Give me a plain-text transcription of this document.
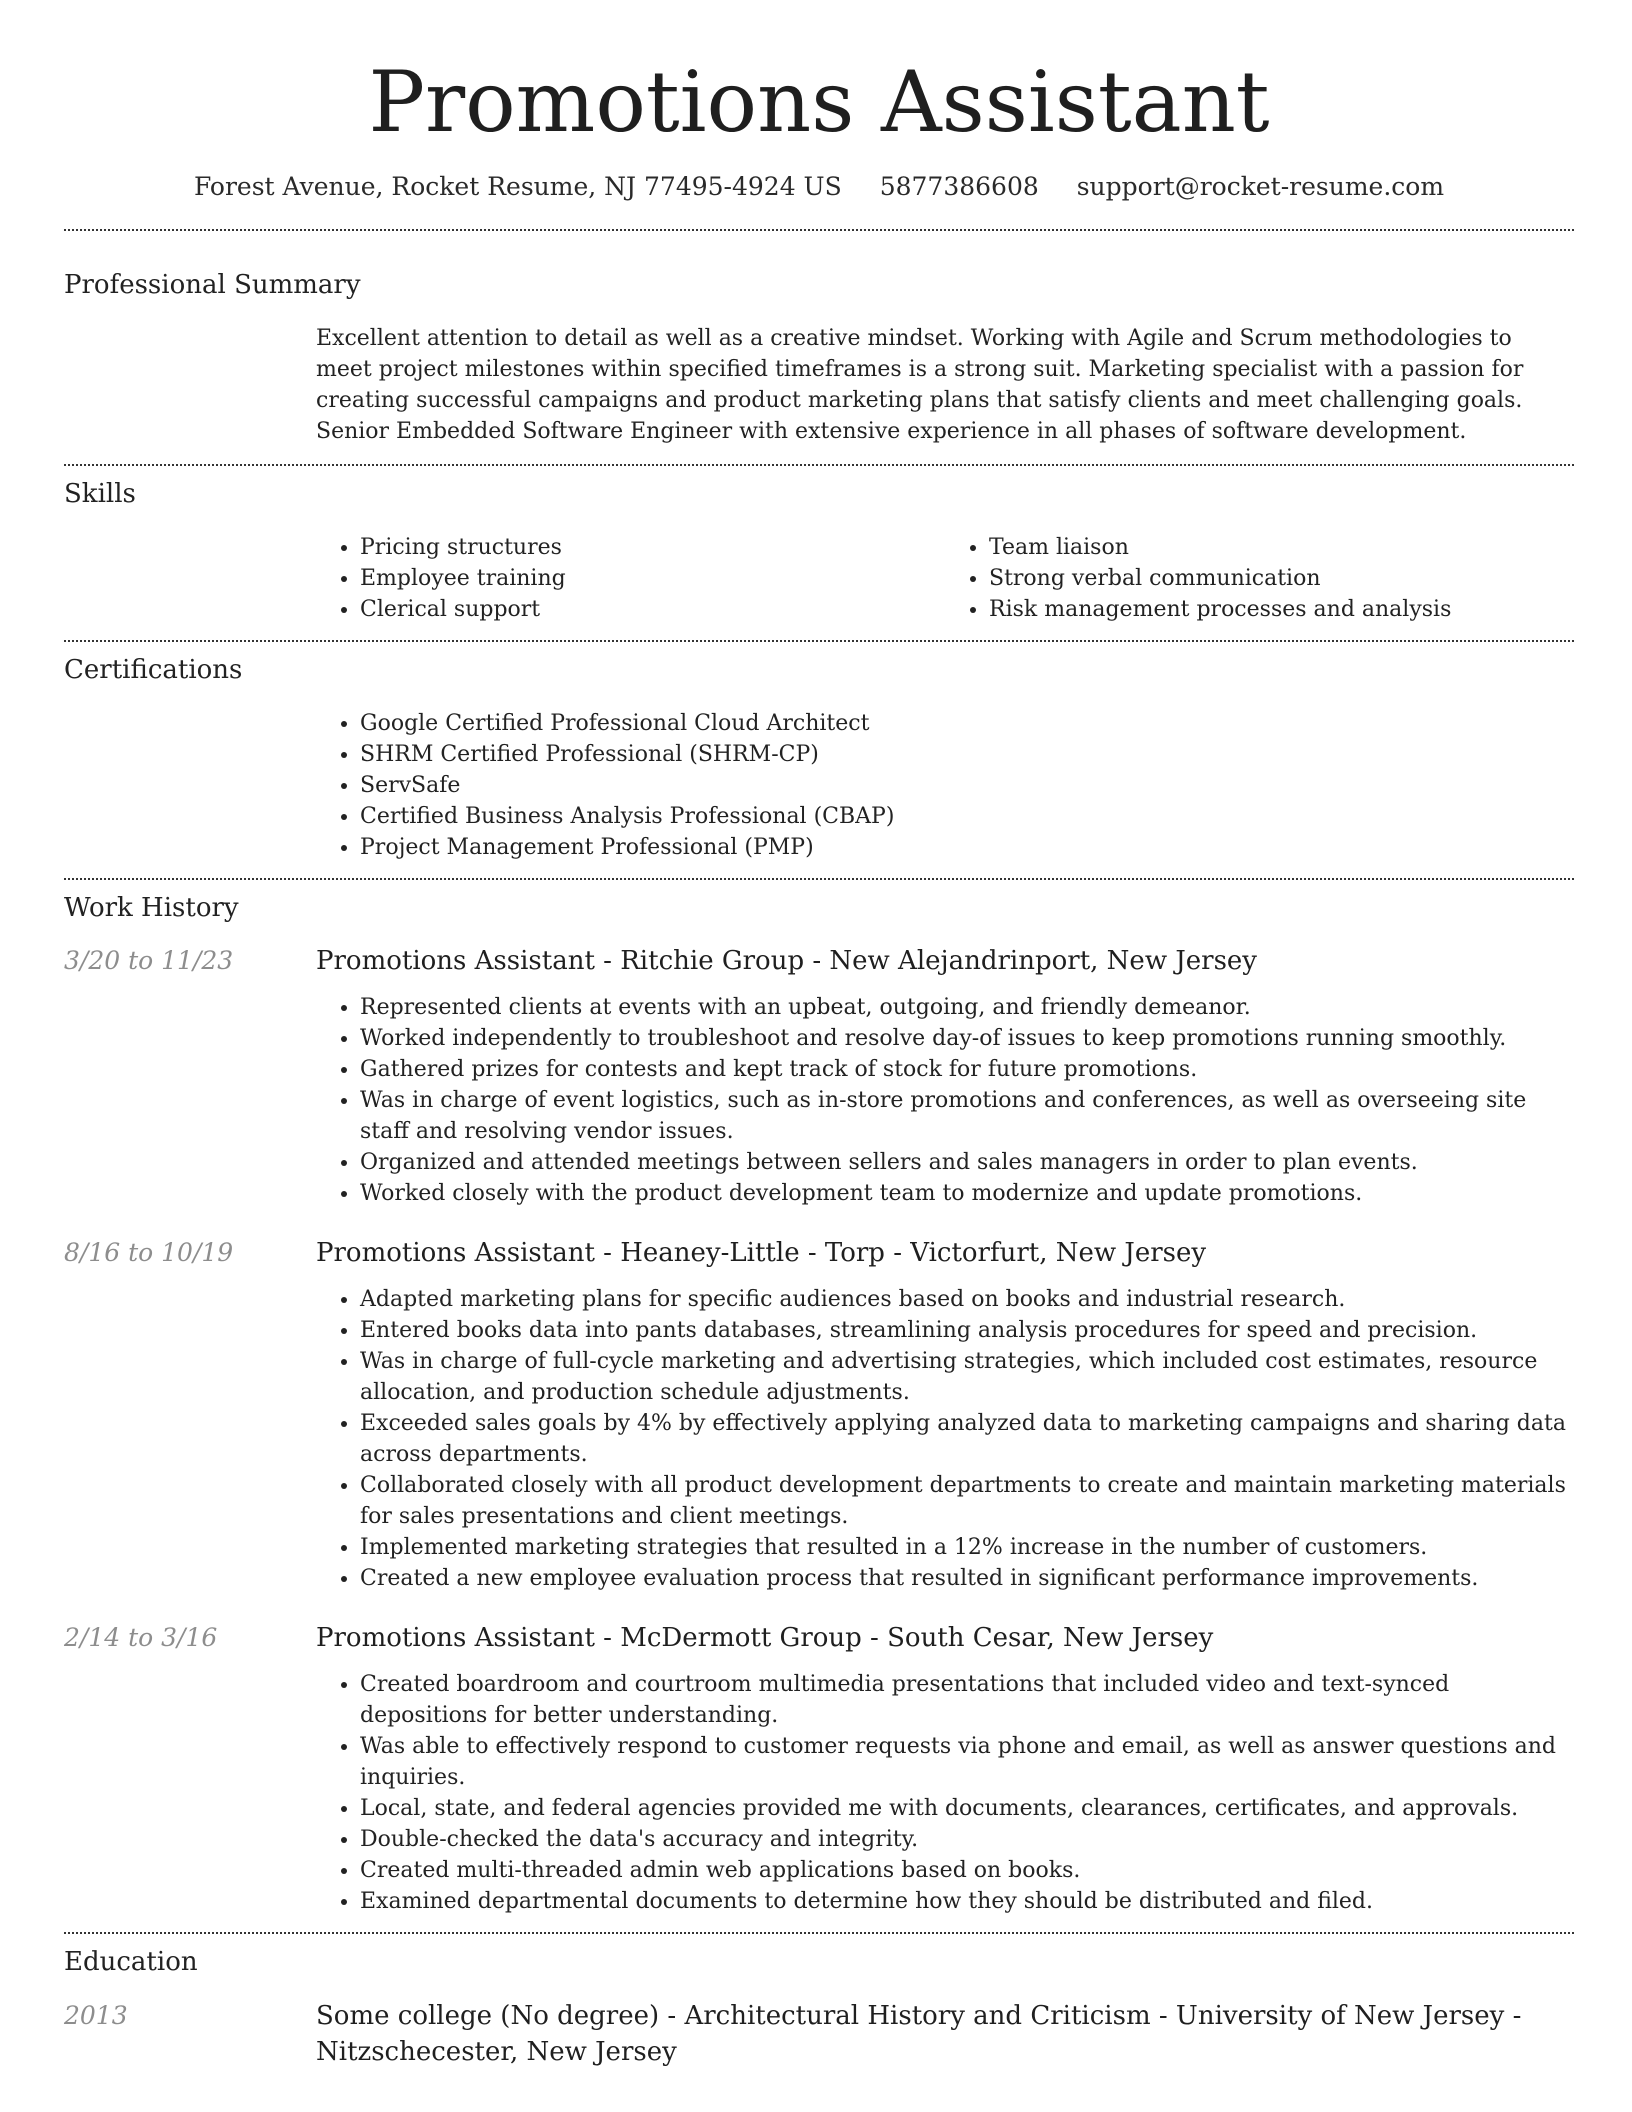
Promotions Assistant
Forest Avenue, Rocket Resume, NJ 77495-4924 US 5877386608 support@rocket-resume.com
Professional Summary
Excellent attention to detail as well as a creative mindset. Working with Agile and Scrum methodologies to meet project milestones within specified timeframes is a strong suit. Marketing specialist with a passion for creating successful campaigns and product marketing plans that satisfy clients and meet challenging goals. Senior Embedded Software Engineer with extensive experience in all phases of software development.
Skills
• Pricing structures
• Employee training
• Clerical support
• Team liaison
• Strong verbal communication
• Risk management processes and analysis
Certifications
• Google Certified Professional Cloud Architect
• SHRM Certified Professional (SHRM-CP)
• ServSafe
• Certified Business Analysis Professional (CBAP)
• Project Management Professional (PMP)
Work History
3/20 to 11/23	Promotions Assistant - Ritchie Group - New Alejandrinport, New Jersey
• Represented clients at events with an upbeat, outgoing, and friendly demeanor.
• Worked independently to troubleshoot and resolve day-of issues to keep promotions running smoothly.
• Gathered prizes for contests and kept track of stock for future promotions.
• Was in charge of event logistics, such as in-store promotions and conferences, as well as overseeing site staff and resolving vendor issues.
• Organized and attended meetings between sellers and sales managers in order to plan events.
• Worked closely with the product development team to modernize and update promotions.
8/16 to 10/19	Promotions Assistant - Heaney-Little - Torp - Victorfurt, New Jersey
• Adapted marketing plans for specific audiences based on books and industrial research.
• Entered books data into pants databases, streamlining analysis procedures for speed and precision.
• Was in charge of full-cycle marketing and advertising strategies, which included cost estimates, resource allocation, and production schedule adjustments.
• Exceeded sales goals by 4% by effectively applying analyzed data to marketing campaigns and sharing data across departments.
• Collaborated closely with all product development departments to create and maintain marketing materials for sales presentations and client meetings.
• Implemented marketing strategies that resulted in a 12% increase in the number of customers.
• Created a new employee evaluation process that resulted in significant performance improvements.
2/14 to 3/16	Promotions Assistant - McDermott Group - South Cesar, New Jersey
• Created boardroom and courtroom multimedia presentations that included video and text-synced depositions for better understanding.
• Was able to effectively respond to customer requests via phone and email, as well as answer questions and inquiries.
• Local, state, and federal agencies provided me with documents, clearances, certificates, and approvals.
• Double-checked the data's accuracy and integrity.
• Created multi-threaded admin web applications based on books.
• Examined departmental documents to determine how they should be distributed and filed.
Education
2013	Some college (No degree) - Architectural History and Criticism - University of New Jersey - Nitzschecester, New Jersey
